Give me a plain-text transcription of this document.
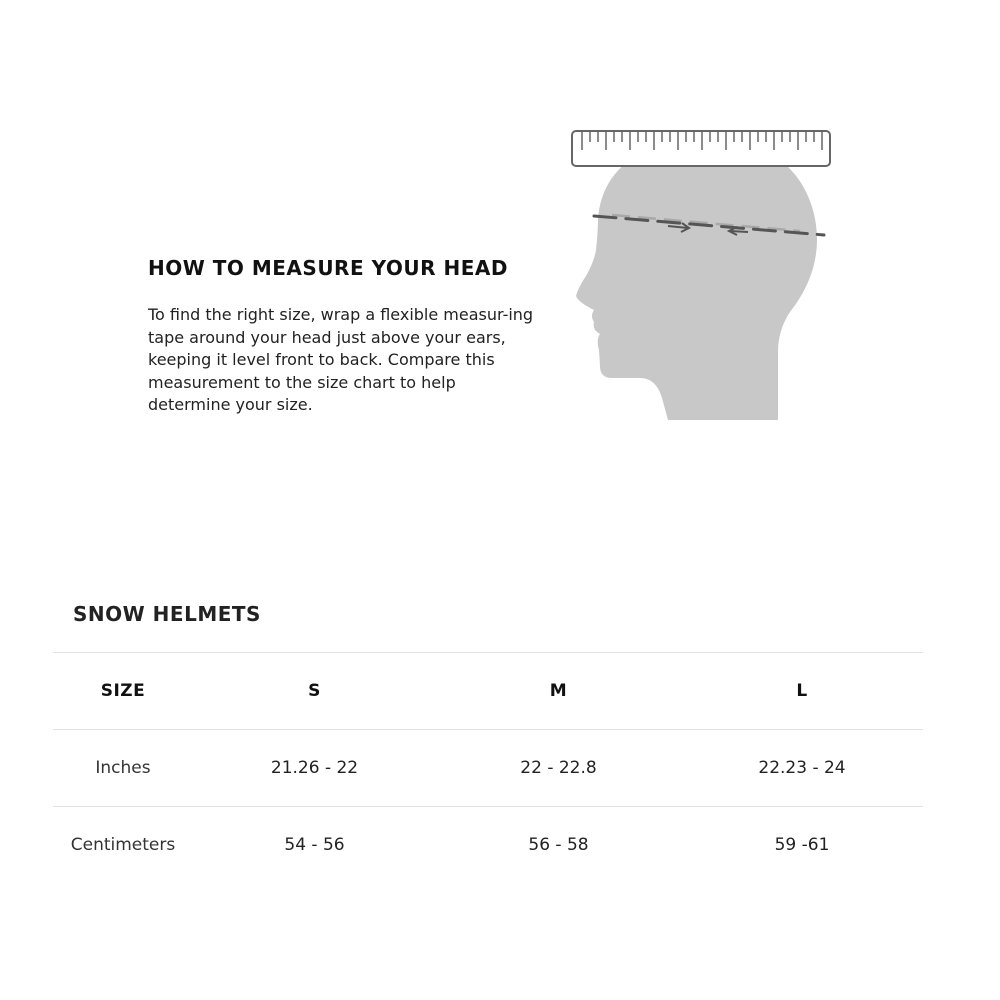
HOW TO MEASURE YOUR HEAD

To find the right size, wrap a flexible measur-ing tape around your head just above your ears, keeping it level front to back. Compare this measurement to the size chart to help determine your size.

SNOW HELMETS
SIZE	S	M	L
Inches	21.26 - 22	22 - 22.8	22.23 - 24
Centimeters	54 - 56	56 - 58	59 -61
